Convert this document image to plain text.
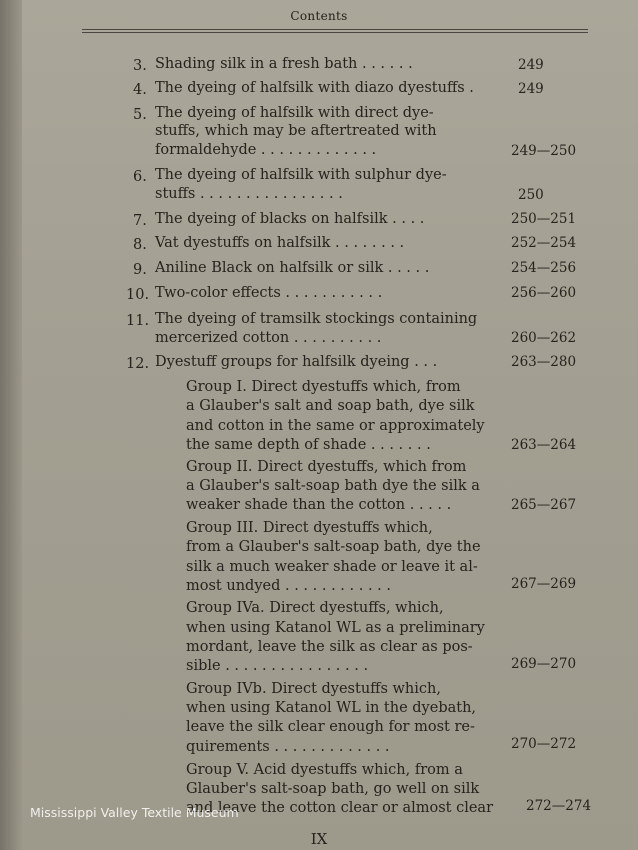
Contents
3. Shading silk in a fresh bath . . . . . .	249
4. The dyeing of halfsilk with diazo dyestuffs .	249
5. The dyeing of halfsilk with direct dye-
stuffs, which may be aftertreated with
formaldehyde . . . . . . . . . . . . .	249—250
6. The dyeing of halfsilk with sulphur dye-
stuffs . . . . . . . . . . . . . . . .	250
7. The dyeing of blacks on halfsilk . . . .	250—251
8. Vat dyestuffs on halfsilk . . . . . . . .	252—254
9. Aniline Black on halfsilk or silk . . . . .	254—256
10. Two-color effects . . . . . . . . . . .	256—260
11. The dyeing of tramsilk stockings containing
mercerized cotton . . . . . . . . . .	260—262
12. Dyestuff groups for halfsilk dyeing . . .	263—280
Group I. Direct dyestuffs which, from
a Glauber's salt and soap bath, dye silk
and cotton in the same or approximately
the same depth of shade . . . . . . .	263—264
Group II. Direct dyestuffs, which from
a Glauber's salt-soap bath dye the silk a
weaker shade than the cotton . . . . .	265—267
Group III. Direct dyestuffs which,
from a Glauber's salt-soap bath, dye the
silk a much weaker shade or leave it al-
most undyed . . . . . . . . . . . .	267—269
Group IVa. Direct dyestuffs, which,
when using Katanol WL as a preliminary
mordant, leave the silk as clear as pos-
sible . . . . . . . . . . . . . . . .	269—270
Group IVb. Direct dyestuffs which,
when using Katanol WL in the dyebath,
leave the silk clear enough for most re-
quirements . . . . . . . . . . . . .	270—272
Group V. Acid dyestuffs which, from a
Glauber's salt-soap bath, go well on silk
and leave the cotton clear or almost clear 272—274
IX
Mississippi Valley Textile Museum
